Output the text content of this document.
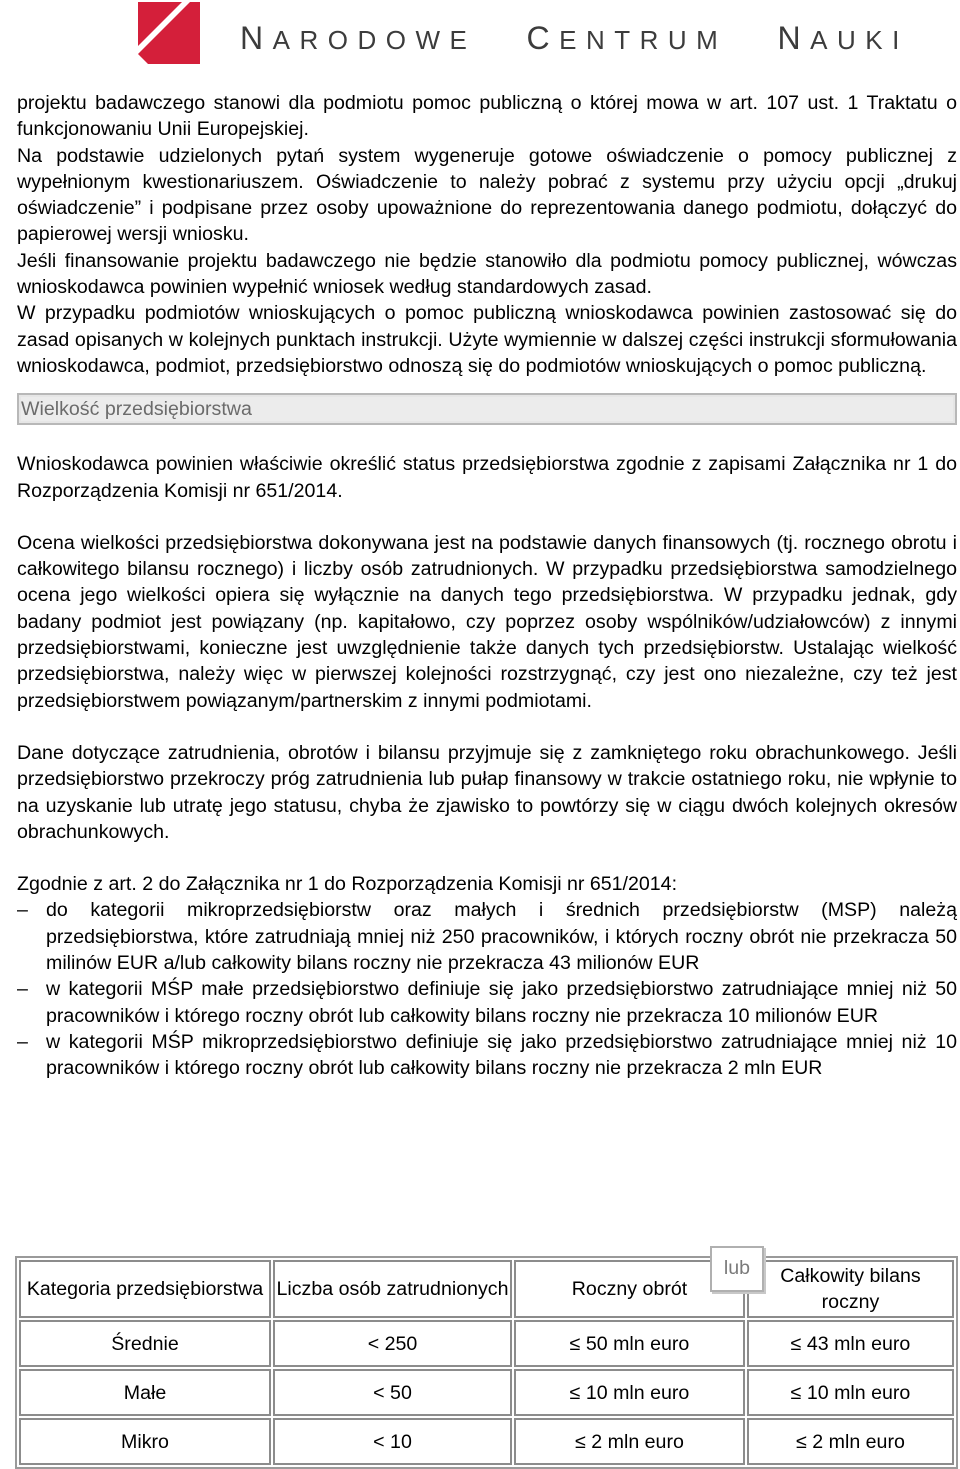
NARODOWE CENTRUM NAUKI

projektu badawczego stanowi dla podmiotu pomoc publiczną o której mowa w art. 107 ust. 1 Traktatu o funkcjonowaniu Unii Europejskiej.

Na podstawie udzielonych pytań system wygeneruje gotowe oświadczenie o pomocy publicznej z wypełnionym kwestionariuszem. Oświadczenie to należy pobrać z systemu przy użyciu opcji „drukuj oświadczenie” i podpisane przez osoby upoważnione do reprezentowania danego podmiotu, dołączyć do papierowej wersji wniosku.

Jeśli finansowanie projektu badawczego nie będzie stanowiło dla podmiotu pomocy publicznej, wówczas wnioskodawca powinien wypełnić wniosek według standardowych zasad.

W przypadku podmiotów wnioskujących o pomoc publiczną wnioskodawca powinien zastosować się do zasad opisanych w kolejnych punktach instrukcji. Użyte wymiennie w dalszej części instrukcji sformułowania wnioskodawca, podmiot, przedsiębiorstwo odnoszą się do podmiotów wnioskujących o pomoc publiczną.

Wielkość przedsiębiorstwa

Wnioskodawca powinien właściwie określić status przedsiębiorstwa zgodnie z zapisami Załącznika nr 1 do Rozporządzenia Komisji nr 651/2014.

Ocena wielkości przedsiębiorstwa dokonywana jest na podstawie danych finansowych (tj. rocznego obrotu i całkowitego bilansu rocznego) i liczby osób zatrudnionych. W przypadku przedsiębiorstwa samodzielnego ocena jego wielkości opiera się wyłącznie na danych tego przedsiębiorstwa. W przypadku jednak, gdy badany podmiot jest powiązany (np. kapitałowo, czy poprzez osoby wspólników/udziałowców) z innymi przedsiębiorstwami, konieczne jest uwzględnienie także danych tych przedsiębiorstw. Ustalając wielkość przedsiębiorstwa, należy więc w pierwszej kolejności rozstrzygnąć, czy jest ono niezależne, czy też jest przedsiębiorstwem powiązanym/partnerskim z innymi podmiotami.

Dane dotyczące zatrudnienia, obrotów i bilansu przyjmuje się z zamkniętego roku obrachunkowego. Jeśli przedsiębiorstwo przekroczy próg zatrudnienia lub pułap finansowy w trakcie ostatniego roku, nie wpłynie to na uzyskanie lub utratę jego statusu, chyba że zjawisko to powtórzy się w ciągu dwóch kolejnych okresów obrachunkowych.

Zgodnie z art. 2 do Załącznika nr 1 do Rozporządzenia Komisji nr 651/2014:

– do kategorii mikroprzedsiębiorstw oraz małych i średnich przedsiębiorstw (MSP) należą przedsiębiorstwa, które zatrudniają mniej niż 250 pracowników, i których roczny obrót nie przekracza 50 milinów EUR a/lub całkowity bilans roczny nie przekracza 43 milionów EUR
– w kategorii MŚP małe przedsiębiorstwo definiuje się jako przedsiębiorstwo zatrudniające mniej niż 50 pracowników i którego roczny obrót lub całkowity bilans roczny nie przekracza 10 milionów EUR
– w kategorii MŚP mikroprzedsiębiorstwo definiuje się jako przedsiębiorstwo zatrudniające mniej niż 10 pracowników i którego roczny obrót lub całkowity bilans roczny nie przekracza 2 mln EUR
Kategoria przedsiębiorstwa	Liczba osób zatrudnionych	Roczny obrót	Całkowity bilans roczny
Średnie	< 250	≤ 50 mln euro	≤ 43 mln euro
Małe	< 50	≤ 10 mln euro	≤ 10 mln euro
Mikro	< 10	≤ 2 mln euro	≤ 2 mln euro
lub
